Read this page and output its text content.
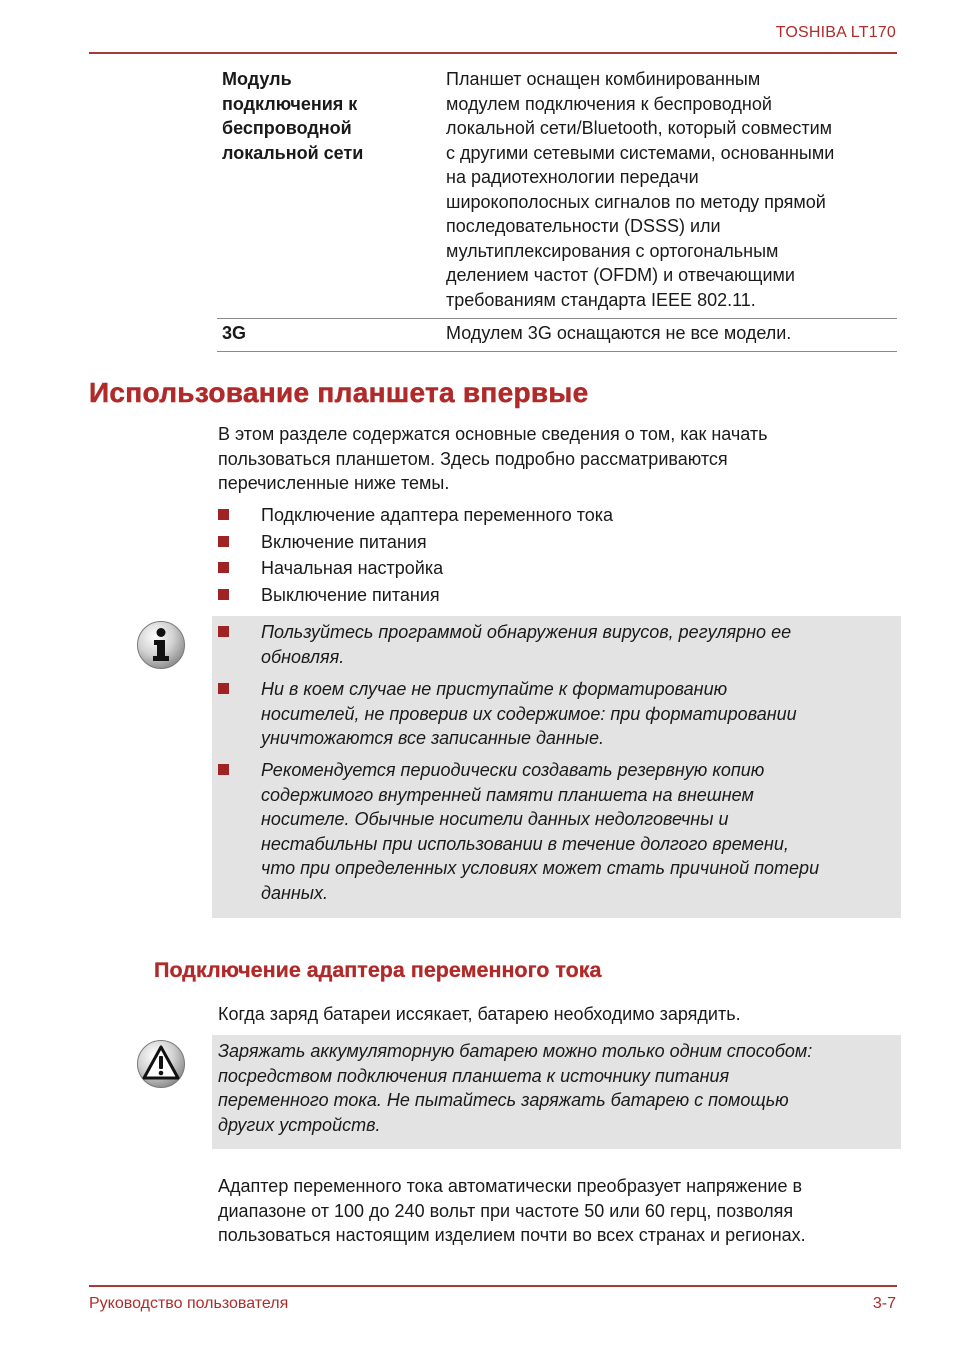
TOSHIBA LT170
Модуль
подключения к
беспроводной
локальной сети
Планшет оснащен комбинированным
модулем подключения к беспроводной
локальной сети/Bluetooth, который совместим
с другими сетевыми системами, основанными
на радиотехнологии передачи
широкополосных сигналов по методу прямой
последовательности (DSSS) или
мультиплексирования с ортогональным
делением частот (OFDM) и отвечающими
требованиям стандарта IEEE 802.11.
3G	Модулем 3G оснащаются не все модели.
Использование планшета впервые
В этом разделе содержатся основные сведения о том, как начать
пользоваться планшетом. Здесь подробно рассматриваются
перечисленные ниже темы.
Подключение адаптера переменного тока
Включение питания
Начальная настройка
Выключение питания
Пользуйтесь программой обнаружения вирусов, регулярно ее
обновляя.
Ни в коем случае не приступайте к форматированию
носителей, не проверив их содержимое: при форматировании
уничтожаются все записанные данные.
Рекомендуется периодически создавать резервную копию
содержимого внутренней памяти планшета на внешнем
носителе. Обычные носители данных недолговечны и
нестабильны при использовании в течение долгого времени,
что при определенных условиях может стать причиной потери
данных.
Подключение адаптера переменного тока
Когда заряд батареи иссякает, батарею необходимо зарядить.
Заряжать аккумуляторную батарею можно только одним способом:
посредством подключения планшета к источнику питания
переменного тока. Не пытайтесь заряжать батарею с помощью
других устройств.
Адаптер переменного тока автоматически преобразует напряжение в
диапазоне от 100 до 240 вольт при частоте 50 или 60 герц, позволяя
пользоваться настоящим изделием почти во всех странах и регионах.
Руководство пользователя	3-7
